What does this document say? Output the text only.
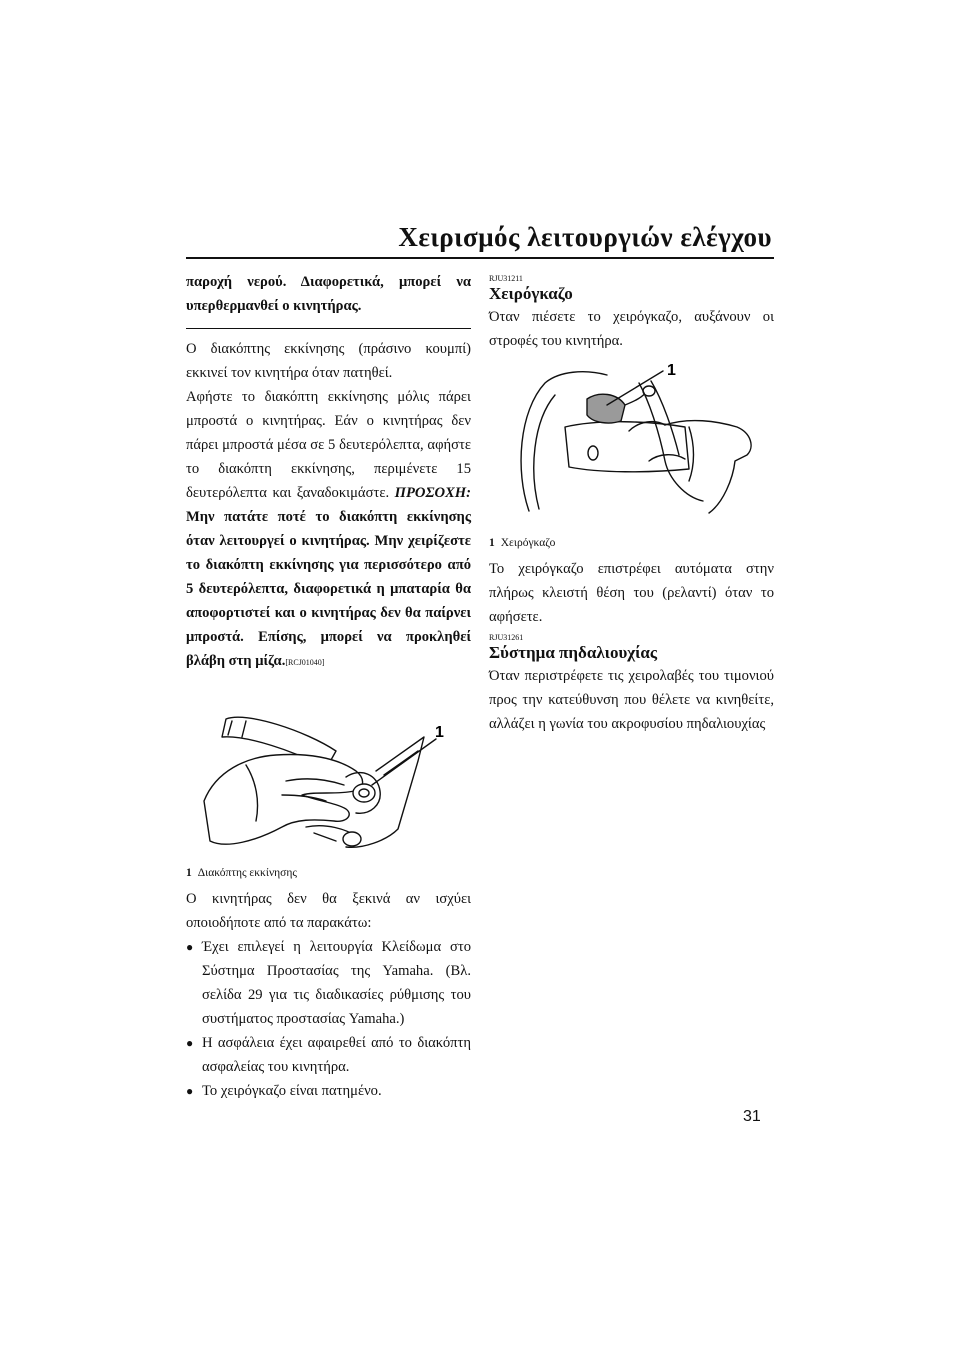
Χειρισμός λειτουργιών ελέγχου

παροχή νερού. Διαφορετικά, μπορεί να υπερθερμανθεί ο κινητήρας.

Ο διακόπτης εκκίνησης (πράσινο κουμπί) εκκινεί τον κινητήρα όταν πατηθεί.

Αφήστε το διακόπτη εκκίνησης μόλις πάρει μπροστά ο κινητήρας. Εάν ο κινητήρας δεν πάρει μπροστά μέσα σε 5 δευτερόλεπτα, αφήστε το διακόπτη εκκίνησης, περιμένετε 15 δευτερόλεπτα και ξαναδοκιμάστε. ΠΡΟΣΟΧΗ: Μην πατάτε ποτέ το διακόπτη εκκίνησης όταν λειτουργεί ο κινητήρας. Μην χειρίζεστε το διακόπτη εκκίνησης για περισσότερο από 5 δευτερόλεπτα, διαφορετικά η μπαταρία θα αποφορτιστεί και ο κινητήρας δεν θα παίρνει μπροστά. Επίσης, μπορεί να προκληθεί βλάβη στη μίζα.[RCJ01040]

1
1 Διακόπτης εκκίνησης

Ο κινητήρας δεν θα ξεκινά αν ισχύει οποιοδήποτε από τα παρακάτω:

● Έχει επιλεγεί η λειτουργία Κλείδωμα στο Σύστημα Προστασίας της Yamaha. (Βλ. σελίδα 29 για τις διαδικασίες ρύθμισης του συστήματος προστασίας Yamaha.)
● Η ασφάλεια έχει αφαιρεθεί από το διακόπτη ασφαλείας του κινητήρα.
● Το χειρόγκαζο είναι πατημένο.
RJU31211
Χειρόγκαζο

Όταν πιέσετε το χειρόγκαζο, αυξάνουν οι στροφές του κινητήρα.

1
1 Χειρόγκαζο

Το χειρόγκαζο επιστρέφει αυτόματα στην πλήρως κλειστή θέση του (ρελαντί) όταν το αφήσετε.

RJU31261
Σύστημα πηδαλιουχίας

Όταν περιστρέφετε τις χειρολαβές του τιμονιού προς την κατεύθυνση που θέλετε να κινηθείτε, αλλάζει η γωνία του ακροφυσίου πηδαλιουχίας

31
